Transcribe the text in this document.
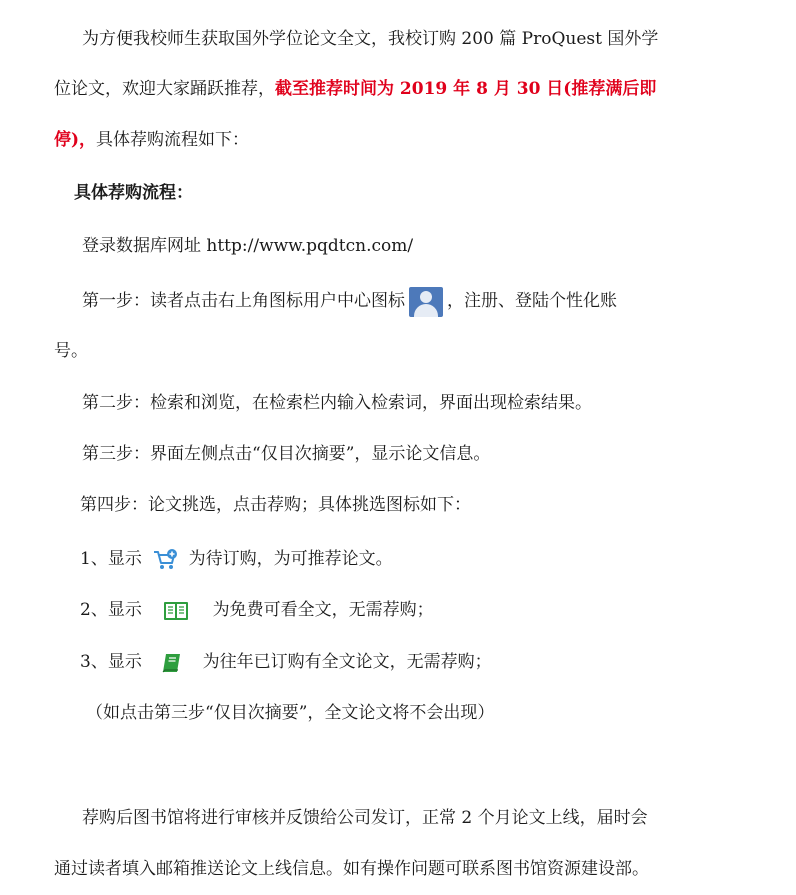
为方便我校师生获取国外学位论文全文，我校订购 200 篇 ProQuest 国外学
位论文，欢迎大家踊跃推荐，截至推荐时间为 2019 年 8 月 30 日(推荐满后即
停)，具体荐购流程如下：
具体荐购流程：
登录数据库网址 http://www.pqdtcn.com/
第一步：读者点击右上角图标用户中心图标 ，注册、登陆个性化账
号。
第二步：检索和浏览，在检索栏内输入检索词，界面出现检索结果。
第三步：界面左侧点击“仅目次摘要”，显示论文信息。
第四步：论文挑选，点击荐购；具体挑选图标如下：
1、显示	为待订购，为可推荐论文。
2、显示	为免费可看全文，无需荐购；
3、显示	为往年已订购有全文论文，无需荐购；
（如点击第三步“仅目次摘要”，全文论文将不会出现）
荐购后图书馆将进行审核并反馈给公司发订，正常 2 个月论文上线，届时会
通过读者填入邮箱推送论文上线信息。如有操作问题可联系图书馆资源建设部。
